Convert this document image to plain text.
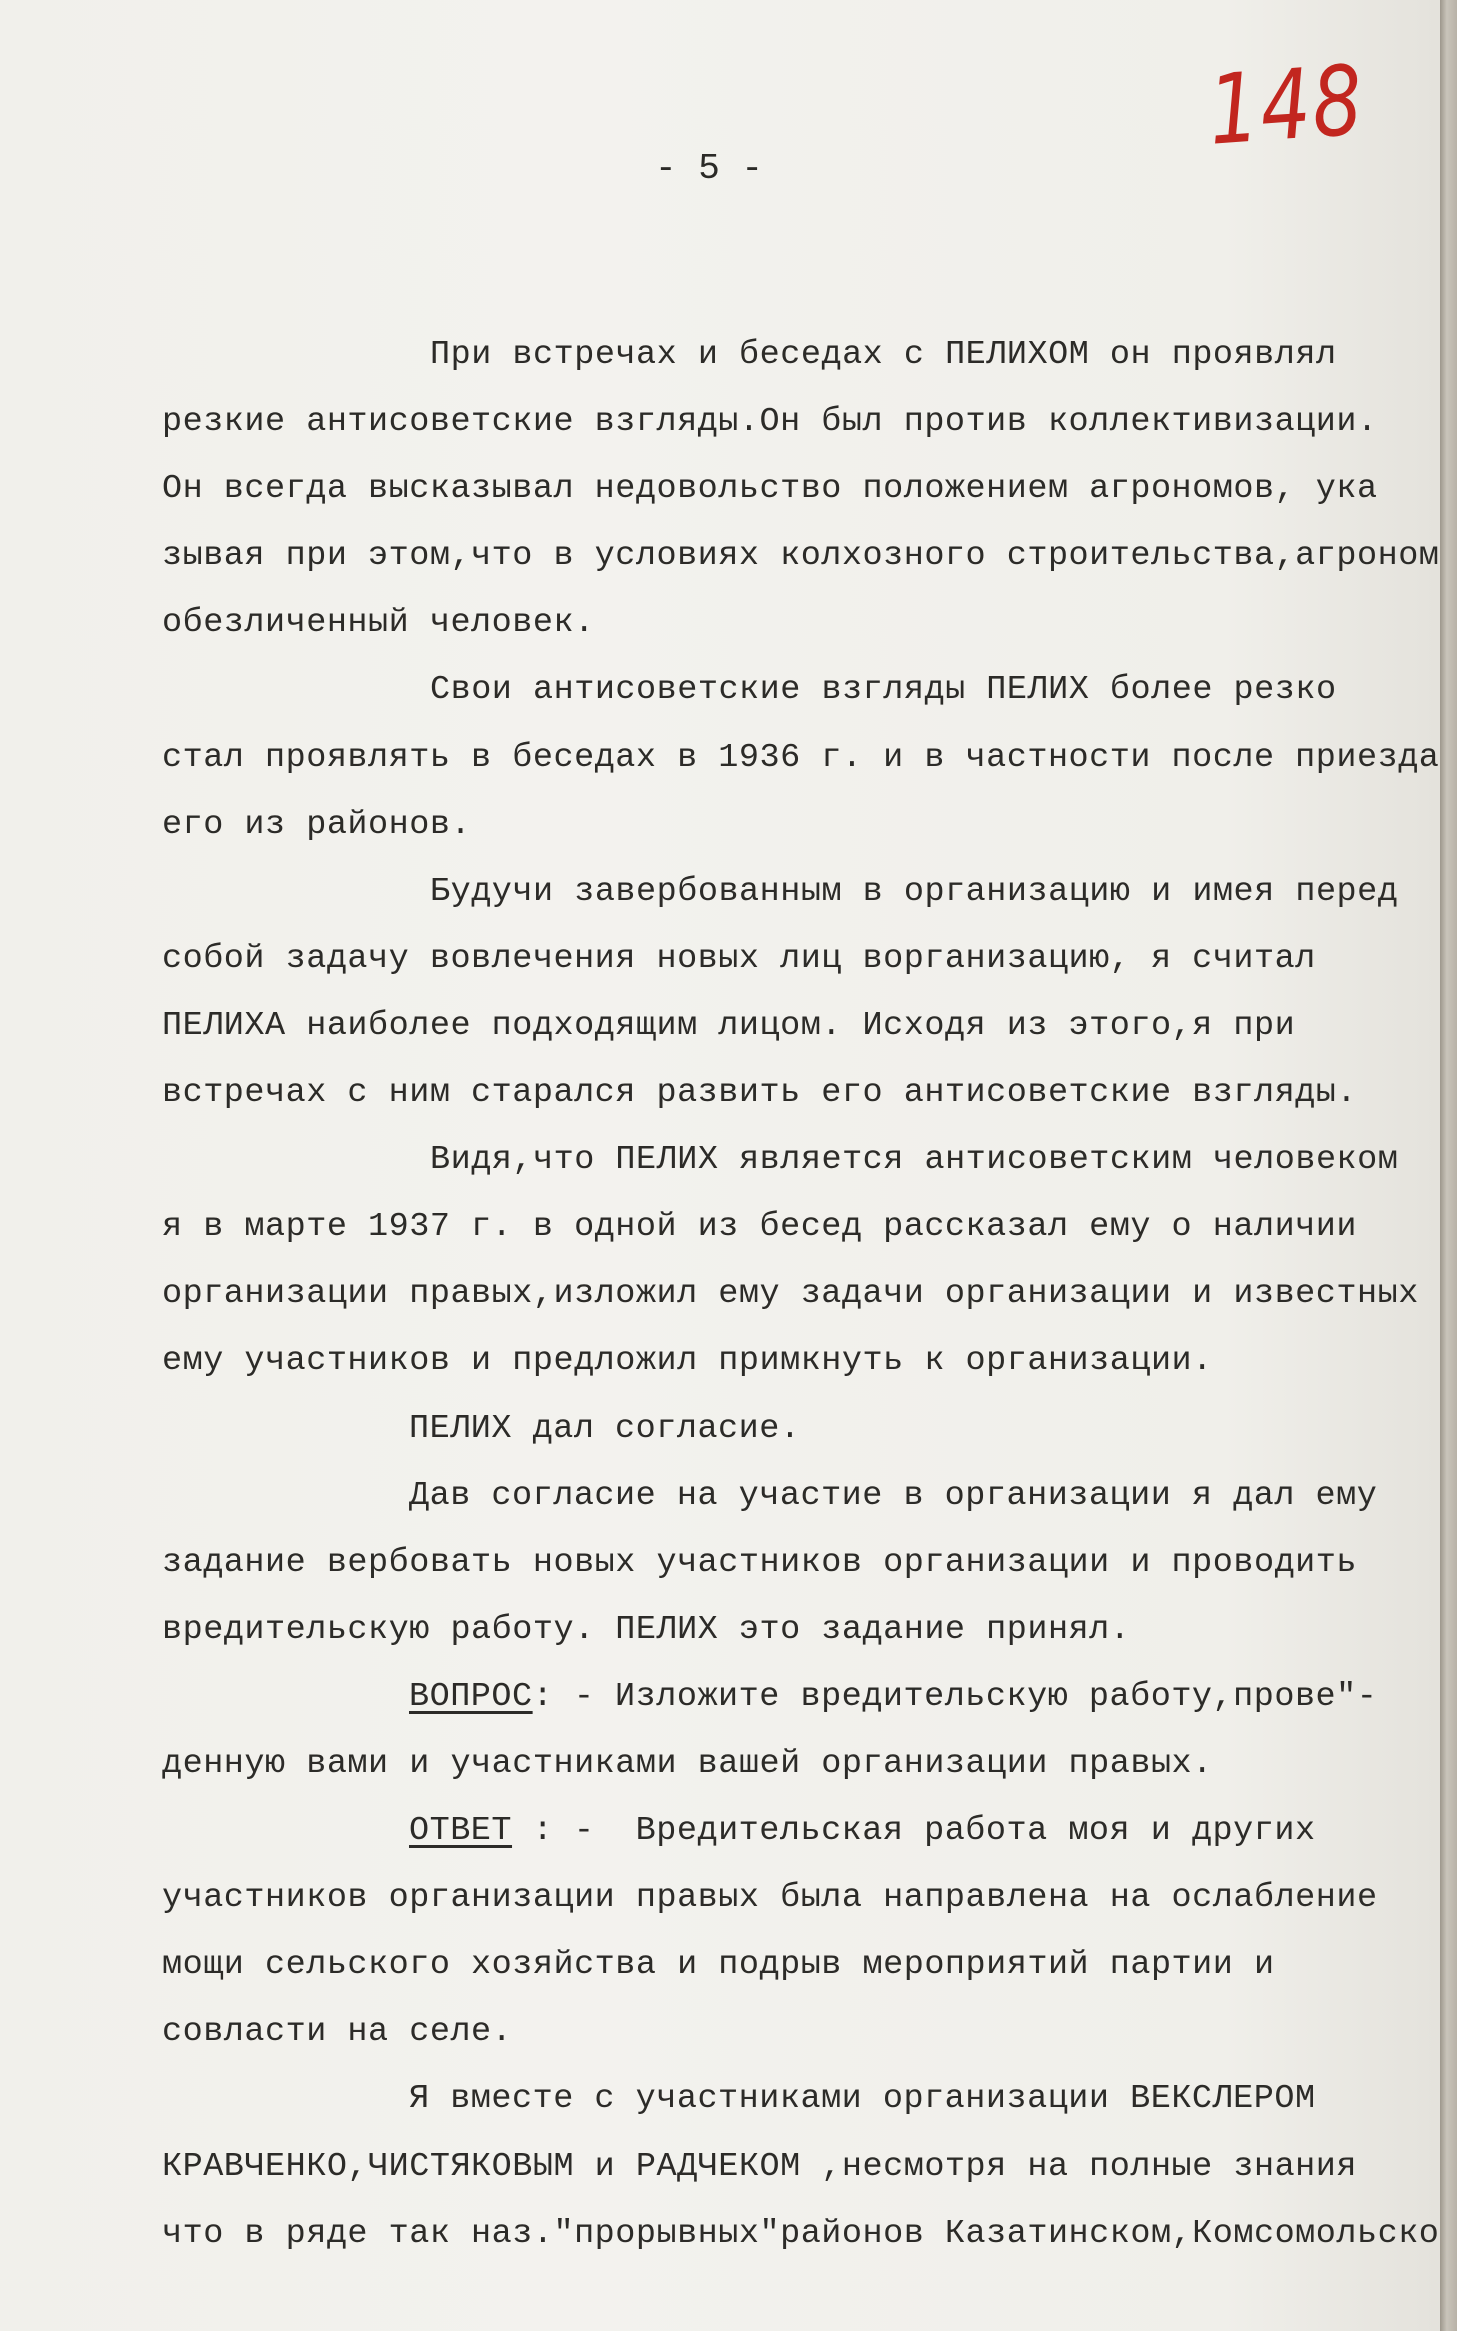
148
- 5 -
При встречах и беседах с ПЕЛИХОМ он проявлял
резкие антисоветские взгляды.Он был против коллективизации.
Он всегда высказывал недовольство положением агрономов, ука
зывая при этом,что в условиях колхозного строительства,агроном
обезличенный человек.
Свои антисоветские взгляды ПЕЛИХ более резко
стал проявлять в беседах в 1936 г. и в частности после приезда
его из районов.
Будучи завербованным в организацию и имея перед
собой задачу вовлечения новых лиц ворганизацию, я считал
ПЕЛИХА наиболее подходящим лицом. Исходя из этого,я при
встречах с ним старался развить его антисоветские взгляды.
Видя,что ПЕЛИХ является антисоветским человеком
я в марте 1937 г. в одной из бесед рассказал ему о наличии
организации правых,изложил ему задачи организации и известных
ему участников и предложил примкнуть к организации.
ПЕЛИХ дал согласие.
Дав согласие на участие в организации я дал ему
задание вербовать новых участников организации и проводить
вредительскую работу. ПЕЛИХ это задание принял.
ВОПРОС: - Изложите вредительскую работу,прове"-
денную вами и участниками вашей организации правых.
ОТВЕТ : -  Вредительская работа моя и других
участников организации правых была направлена на ослабление
мощи сельского хозяйства и подрыв мероприятий партии и
совласти на селе.
Я вместе с участниками организации ВЕКСЛЕРОМ
КРАВЧЕНКО,ЧИСТЯКОВЫМ и РАДЧЕКОМ ,несмотря на полные знания
что в ряде так наз."прорывных"районов Казатинском,Комсомольско
